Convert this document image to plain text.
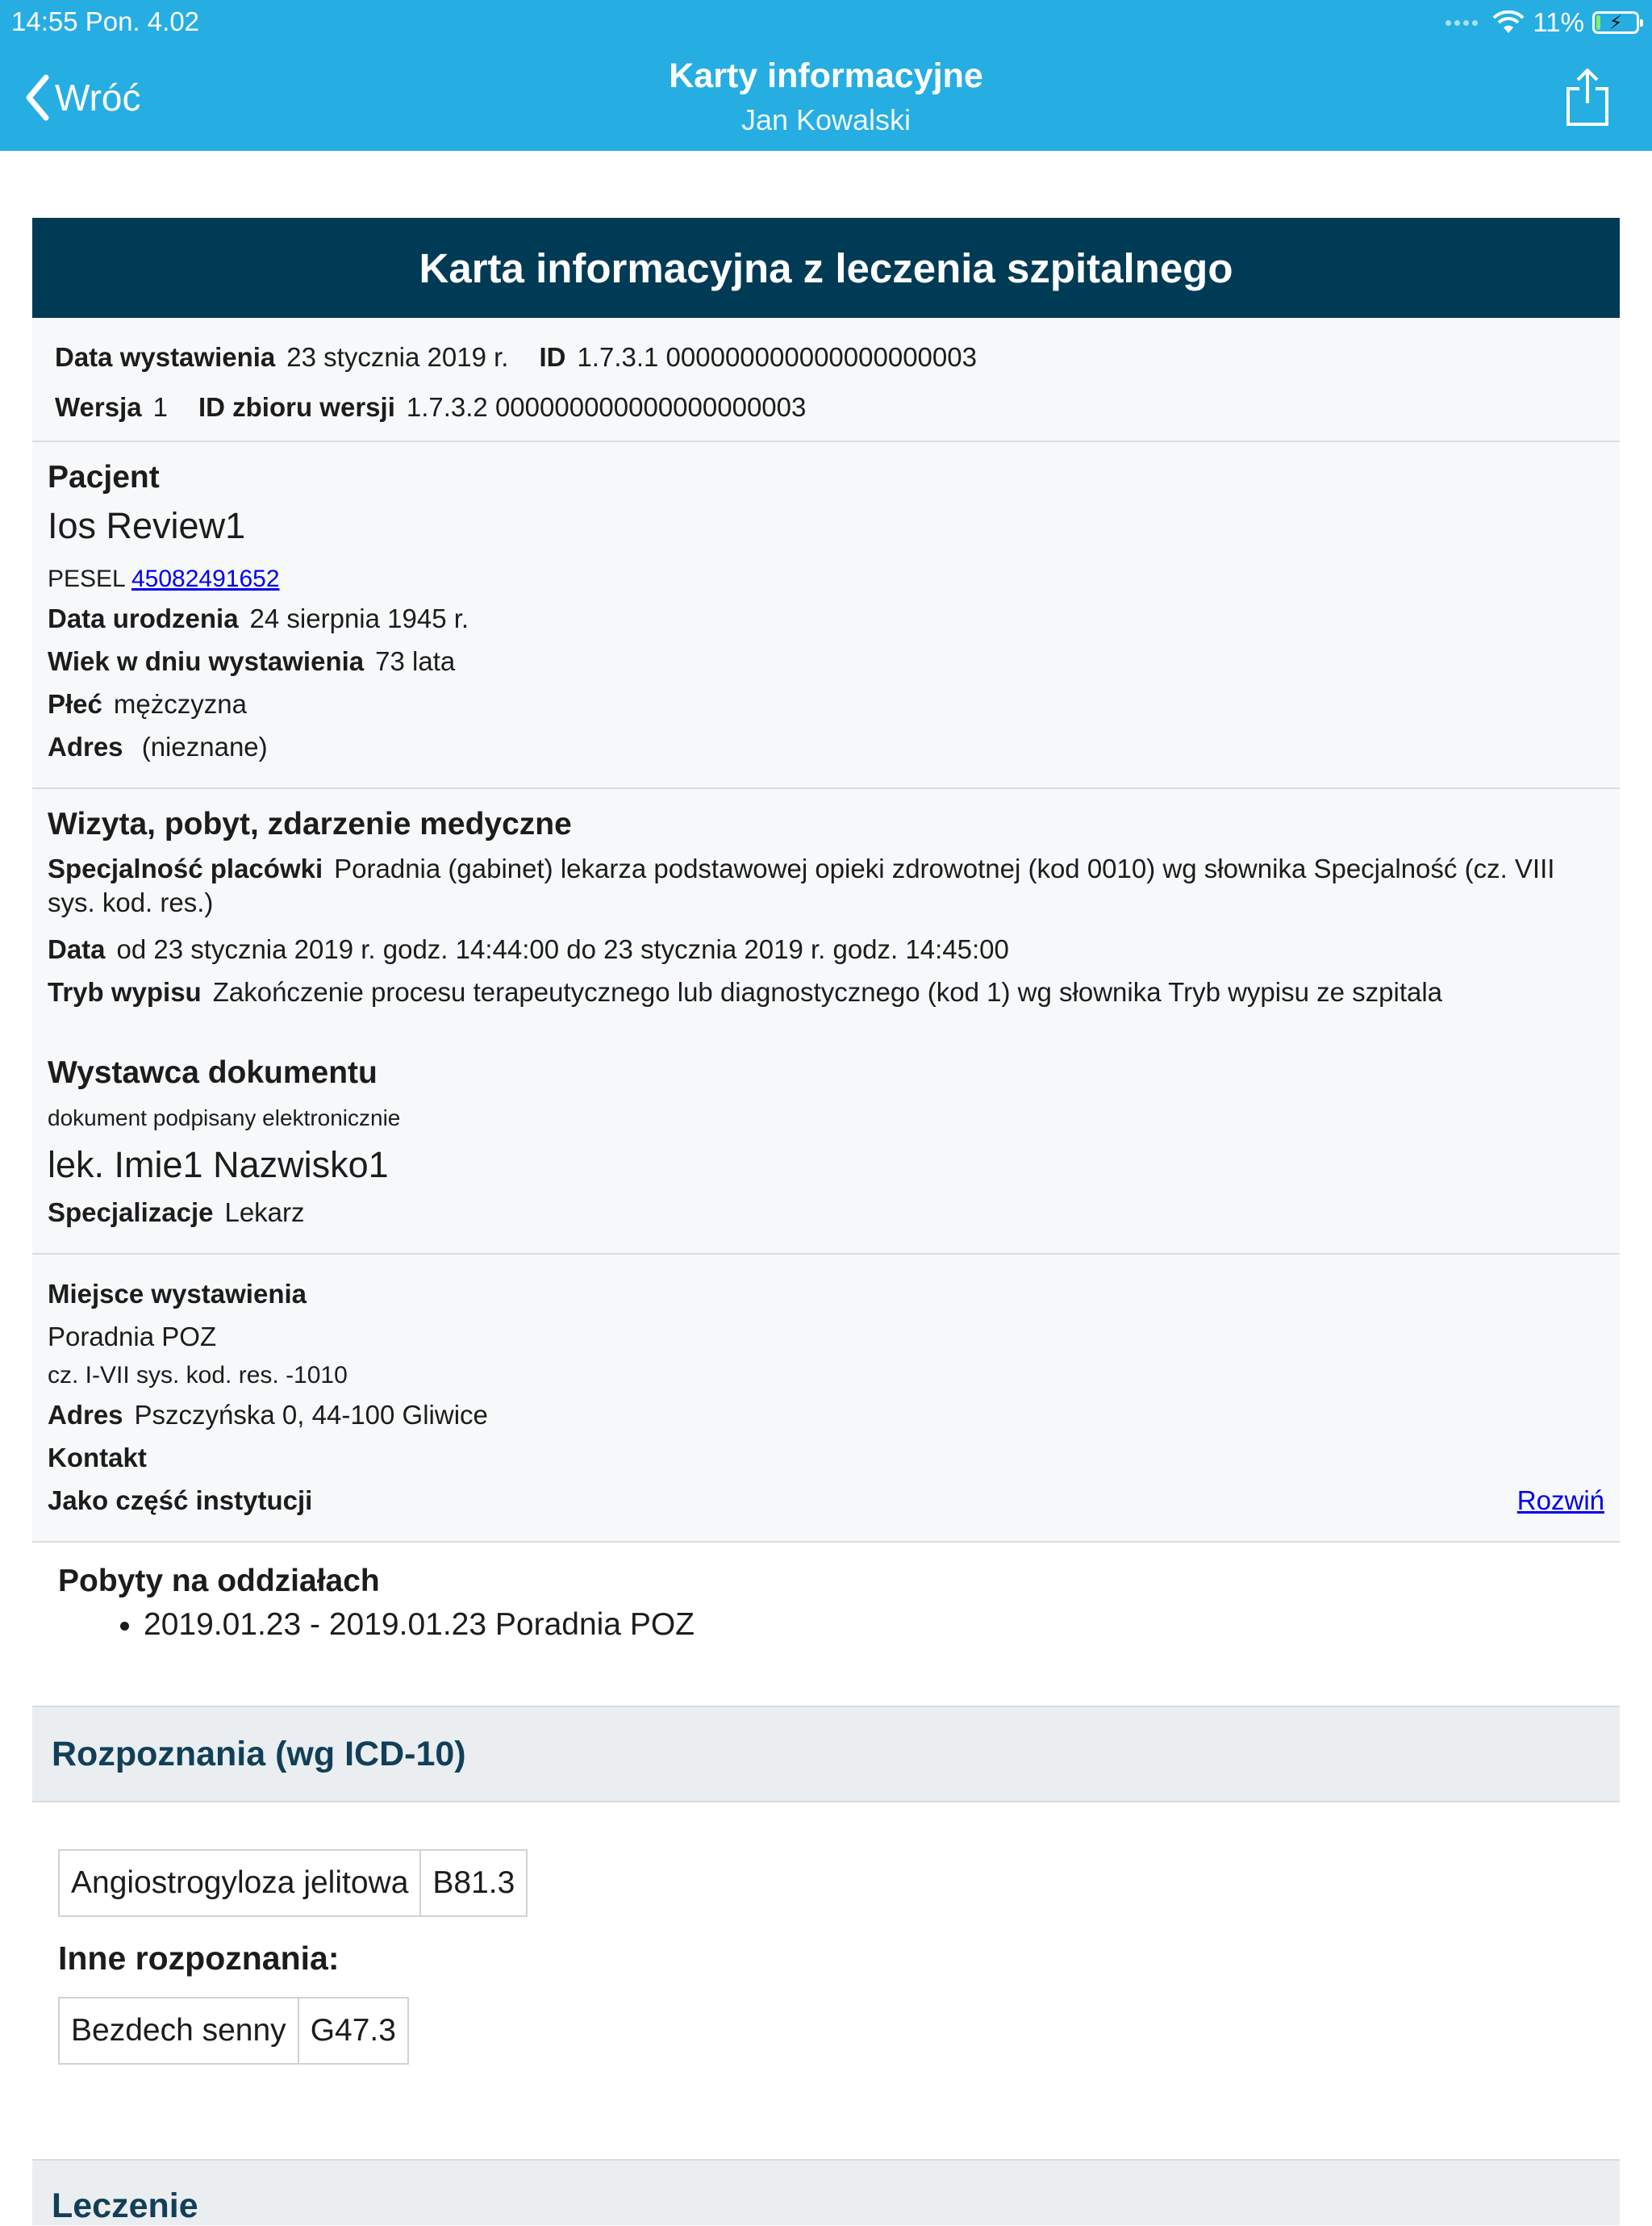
14:55 Pon. 4.02	11%	⚡
Wróć
Karty informacyjne
Jan Kowalski
Karta informacyjna z leczenia szpitalnego
Data wystawienia 23 stycznia 2019 r. ID 1.7.3.1 000000000000000000003
Wersja 1 ID zbioru wersji 1.7.3.2 000000000000000000003
Pacjent
Ios Review1
PESEL 45082491652
Data urodzenia 24 sierpnia 1945 r.
Wiek w dniu wystawienia 73 lata
Płeć mężczyzna
Adres (nieznane)
Wizyta, pobyt, zdarzenie medyczne
Specjalność placówki Poradnia (gabinet) lekarza podstawowej opieki zdrowotnej (kod 0010) wg słownika Specjalność (cz. VIII sys. kod. res.)
Data od 23 stycznia 2019 r. godz. 14:44:00 do 23 stycznia 2019 r. godz. 14:45:00
Tryb wypisu Zakończenie procesu terapeutycznego lub diagnostycznego (kod 1) wg słownika Tryb wypisu ze szpitala
Wystawca dokumentu
dokument podpisany elektronicznie
lek. Imie1 Nazwisko1
Specjalizacje Lekarz
Miejsce wystawienia
Poradnia POZ
cz. I-VII sys. kod. res. -1010
Adres Pszczyńska 0, 44-100 Gliwice
Kontakt
Jako część instytucji	Rozwiń
Pobyty na oddziałach
• 2019.01.23 - 2019.01.23 Poradnia POZ
Rozpoznania (wg ICD-10)
Angiostrogyloza jelitowa	B81.3
Inne rozpoznania:
Bezdech senny	G47.3
Leczenie
